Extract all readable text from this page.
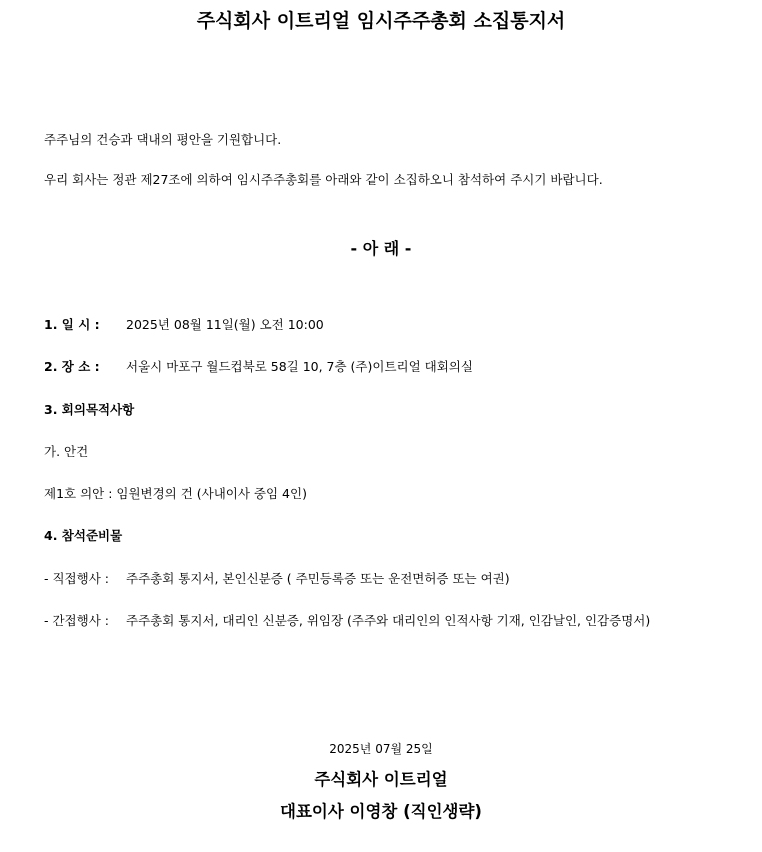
주식회사 이트리얼 임시주주총회 소집통지서
주주님의 건승과 댁내의 평안을 기원합니다.
우리 회사는 정관 제27조에 의하여 임시주주총회를 아래와 같이 소집하오니 참석하여 주시기 바랍니다.
- 아 래 -
1. 일 시 : 2025년 08월 11일(월) 오전 10:00
2. 장 소 : 서울시 마포구 월드컵북로 58길 10, 7층 (주)이트리얼 대회의실
3. 회의목적사항
가. 안건
제1호 의안 : 임원변경의 건 (사내이사 중임 4인)
4. 참석준비물
- 직접행사 : 주주총회 통지서, 본인신분증 ( 주민등록증 또는 운전면허증 또는 여권)
- 간접행사 : 주주총회 통지서, 대리인 신분증, 위임장 (주주와 대리인의 인적사항 기재, 인감날인, 인감증명서)
2025년 07월 25일
주식회사 이트리얼
대표이사 이영창 (직인생략)
